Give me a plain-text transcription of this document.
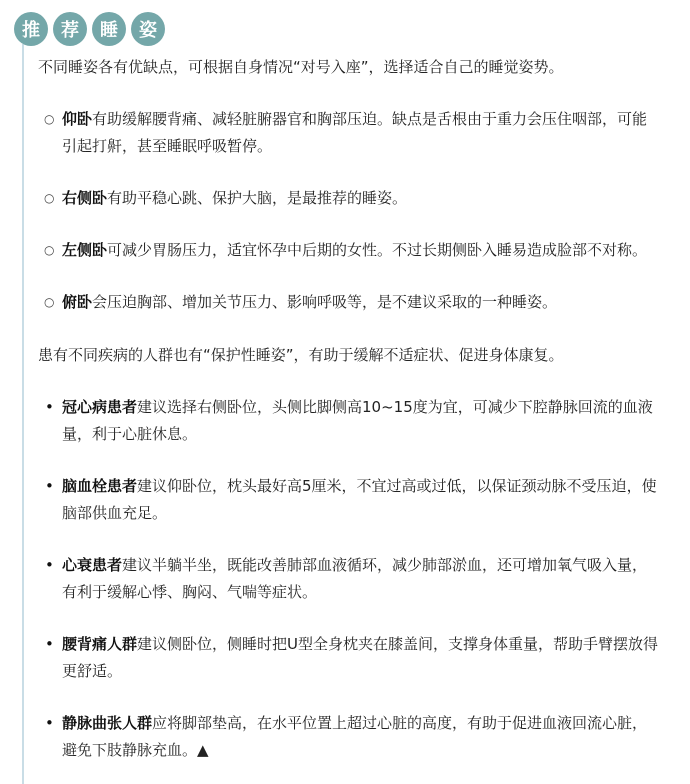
推	荐	睡	姿

不同睡姿各有优缺点，可根据自身情况“对号入座”，选择适合自己的睡觉姿势。

○ 仰卧有助缓解腰背痛、减轻脏腑器官和胸部压迫。缺点是舌根由于重力会压住咽部，可能引起打鼾，甚至睡眠呼吸暂停。
○ 右侧卧有助平稳心跳、保护大脑，是最推荐的睡姿。
○ 左侧卧可减少胃肠压力，适宜怀孕中后期的女性。不过长期侧卧入睡易造成脸部不对称。
○ 俯卧会压迫胸部、增加关节压力、影响呼吸等，是不建议采取的一种睡姿。

患有不同疾病的人群也有“保护性睡姿”，有助于缓解不适症状、促进身体康复。

• 冠心病患者建议选择右侧卧位，头侧比脚侧高10~15度为宜，可减少下腔静脉回流的血液量，利于心脏休息。
• 脑血栓患者建议仰卧位，枕头最好高5厘米，不宜过高或过低，以保证颈动脉不受压迫，使脑部供血充足。
• 心衰患者建议半躺半坐，既能改善肺部血液循环，减少肺部淤血，还可增加氧气吸入量，有利于缓解心悸、胸闷、气喘等症状。
• 腰背痛人群建议侧卧位，侧睡时把U型全身枕夹在膝盖间，支撑身体重量，帮助手臂摆放得更舒适。
• 静脉曲张人群应将脚部垫高，在水平位置上超过心脏的高度，有助于促进血液回流心脏，避免下肢静脉充血。▲
